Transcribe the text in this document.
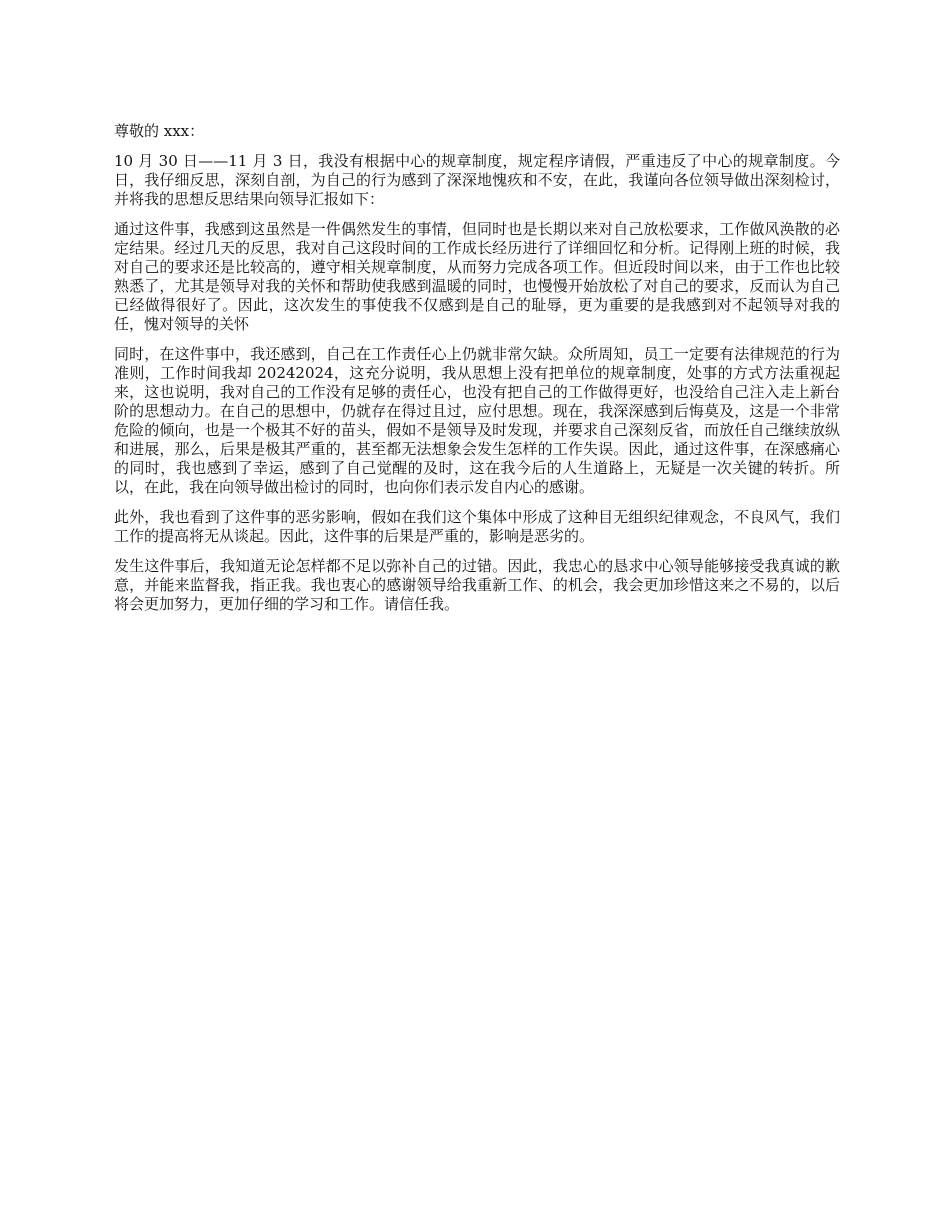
尊敬的 xxx：

10 月 30 日——11 月 3 日，我没有根据中心的规章制度，规定程序请假，严重违反了中心的规章制度。今日，我仔细反思，深刻自剖，为自己的行为感到了深深地愧疚和不安，在此，我谨向各位领导做出深刻检讨，并将我的思想反思结果向领导汇报如下：

通过这件事，我感到这虽然是一件偶然发生的事情，但同时也是长期以来对自己放松要求，工作做风涣散的必定结果。经过几天的反思，我对自己这段时间的工作成长经历进行了详细回忆和分析。记得刚上班的时候，我对自己的要求还是比较高的，遵守相关规章制度，从而努力完成各项工作。但近段时间以来，由于工作也比较熟悉了，尤其是领导对我的关怀和帮助使我感到温暖的同时，也慢慢开始放松了对自己的要求，反而认为自己已经做得很好了。因此，这次发生的事使我不仅感到是自己的耻辱，更为重要的是我感到对不起领导对我的任，愧对领导的关怀

同时，在这件事中，我还感到，自己在工作责任心上仍就非常欠缺。众所周知，员工一定要有法律规范的行为准则，工作时间我却 20242024，这充分说明，我从思想上没有把单位的规章制度，处事的方式方法重视起来，这也说明，我对自己的工作没有足够的责任心，也没有把自己的工作做得更好，也没给自己注入走上新台阶的思想动力。在自己的思想中，仍就存在得过且过，应付思想。现在，我深深感到后悔莫及，这是一个非常危险的倾向，也是一个极其不好的苗头，假如不是领导及时发现，并要求自己深刻反省，而放任自己继续放纵和进展，那么，后果是极其严重的，甚至都无法想象会发生怎样的工作失误。因此，通过这件事，在深感痛心的同时，我也感到了幸运，感到了自己觉醒的及时，这在我今后的人生道路上，无疑是一次关键的转折。所以，在此，我在向领导做出检讨的同时，也向你们表示发自内心的感谢。

此外，我也看到了这件事的恶劣影响，假如在我们这个集体中形成了这种目无组织纪律观念，不良风气，我们工作的提高将无从谈起。因此，这件事的后果是严重的，影响是恶劣的。

发生这件事后，我知道无论怎样都不足以弥补自己的过错。因此，我忠心的恳求中心领导能够接受我真诚的歉意，并能来监督我，指正我。我也衷心的感谢领导给我重新工作、的机会，我会更加珍惜这来之不易的，以后将会更加努力，更加仔细的学习和工作。请信任我。
